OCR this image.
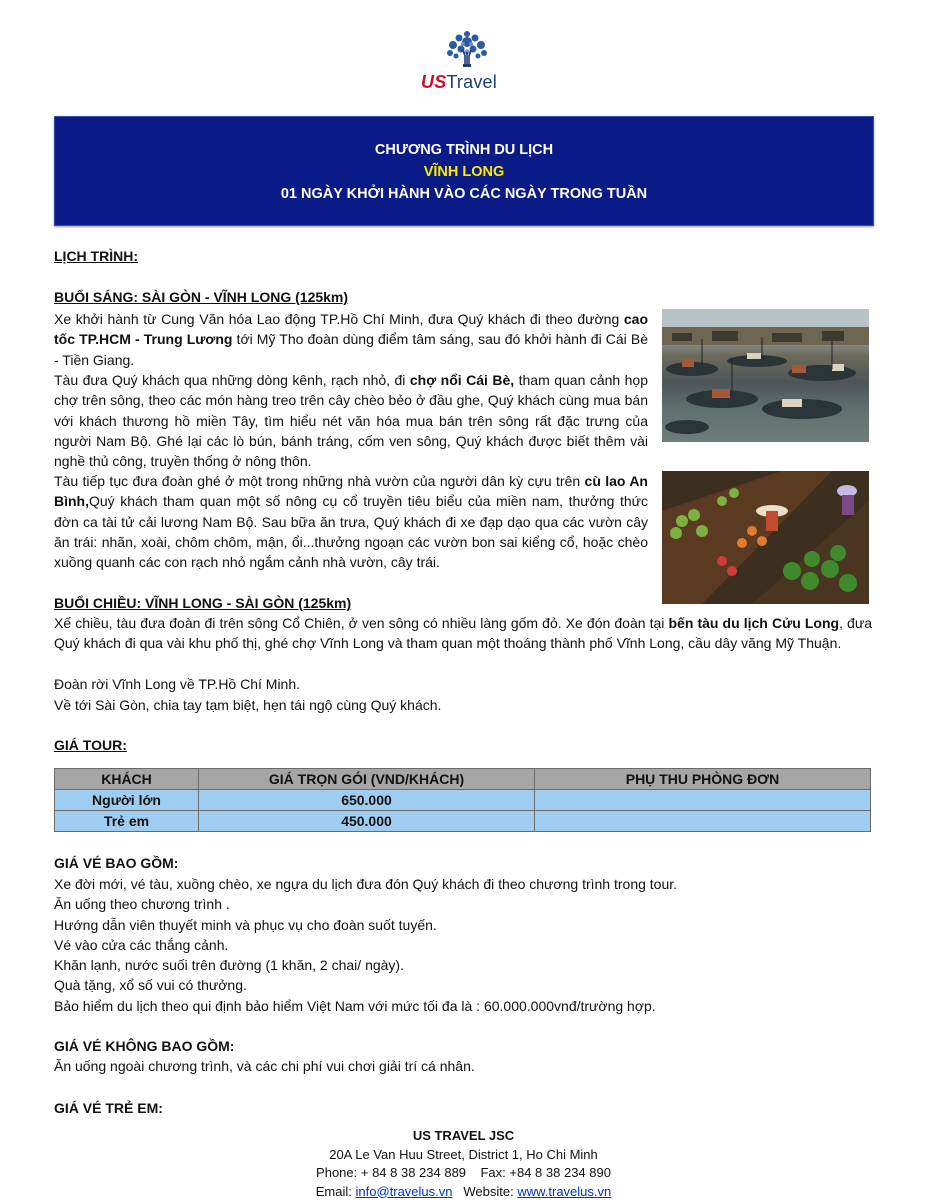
USTravel
CHƯƠNG TRÌNH DU LỊCH
VĨNH LONG
01 NGÀY KHỞI HÀNH VÀO CÁC NGÀY TRONG TUẦN
LỊCH TRÌNH:
BUỔI SÁNG: SÀI GÒN - VĨNH LONG (125km)
Xe khởi hành từ Cung Văn hóa Lao động TP.Hồ Chí Minh, đưa Quý khách đi theo đường cao tốc TP.HCM - Trung Lương tới Mỹ Tho đoàn dùng điểm tâm sáng, sau đó khởi hành đi Cái Bè - Tiền Giang.
Tàu đưa Quý khách qua những dòng kênh, rạch nhỏ, đi chợ nổi Cái Bè, tham quan cảnh họp chợ trên sông, theo các món hàng treo trên cây chèo bẻo ở đầu ghe, Quý khách cùng mua bán với khách thương hồ miền Tây, tìm hiểu nét văn hóa mua bán trên sông rất đặc trưng của người Nam Bộ. Ghé lại các lò bún, bánh tráng, cốm ven sông, Quý khách được biết thêm vài nghề thủ công, truyền thống ở nông thôn.
Tàu tiếp tục đưa đoàn ghé ở một trong những nhà vườn của người dân kỳ cựu trên cù lao An Bình,Quý khách tham quan một số nông cụ cổ truyền tiêu biểu của miền nam, thưởng thức đờn ca tài tử cải lương Nam Bộ. Sau bữa ăn trưa, Quý khách đi xe đạp dạo qua các vườn cây ăn trái: nhãn, xoài, chôm chôm, mận, ổi...thưởng ngoạn các vườn bon sai kiểng cổ, hoặc chèo xuồng quanh các con rạch nhỏ ngắm cảnh nhà vườn, cây trái.
BUỔI CHIỀU: VĨNH LONG - SÀI GÒN (125km)
Xế chiều, tàu đưa đoàn đi trên sông Cổ Chiên, ở ven sông có nhiều làng gốm đỏ. Xe đón đoàn tại bến tàu du lịch Cửu Long, đưa Quý khách đi qua vài khu phố thị, ghé chợ Vĩnh Long và tham quan một thoáng thành phố Vĩnh Long, cầu dây văng Mỹ Thuận.
Đoàn rời Vĩnh Long về TP.Hồ Chí Minh.
Về tới Sài Gòn, chia tay tạm biệt, hẹn tái ngộ cùng Quý khách.
GIÁ TOUR:
KHÁCH	GIÁ TRỌN GÓI (VND/KHÁCH)	PHỤ THU PHÒNG ĐƠN
Người lớn	650.000	
Trẻ em	450.000	
GIÁ VÉ BAO GỒM:
Xe đời mới, vé tàu, xuồng chèo, xe ngựa du lịch đưa đón Quý khách đi theo chương trình trong tour.
Ăn uống theo chương trình .
Hướng dẫn viên thuyết minh và phục vụ cho đoàn suốt tuyến.
Vé vào cửa các thắng cảnh.
Khăn lạnh, nước suối trên đường (1 khăn, 2 chai/ ngày).
Quà tặng, xổ số vui có thưởng.
Bảo hiểm du lịch theo qui định bảo hiểm Việt Nam với mức tối đa là : 60.000.000vnđ/trường hợp.
GIÁ VÉ KHÔNG BAO GỒM:
Ăn uống ngoài chương trình, và các chi phí vui chơi giải trí cá nhân.
GIÁ VÉ TRẺ EM:
US TRAVEL JSC
20A Le Van Huu Street, District 1, Ho Chi Minh
Phone: + 84 8 38 234 889    Fax: +84 8 38 234 890
Email: info@travelus.vn Website: www.travelus.vn
